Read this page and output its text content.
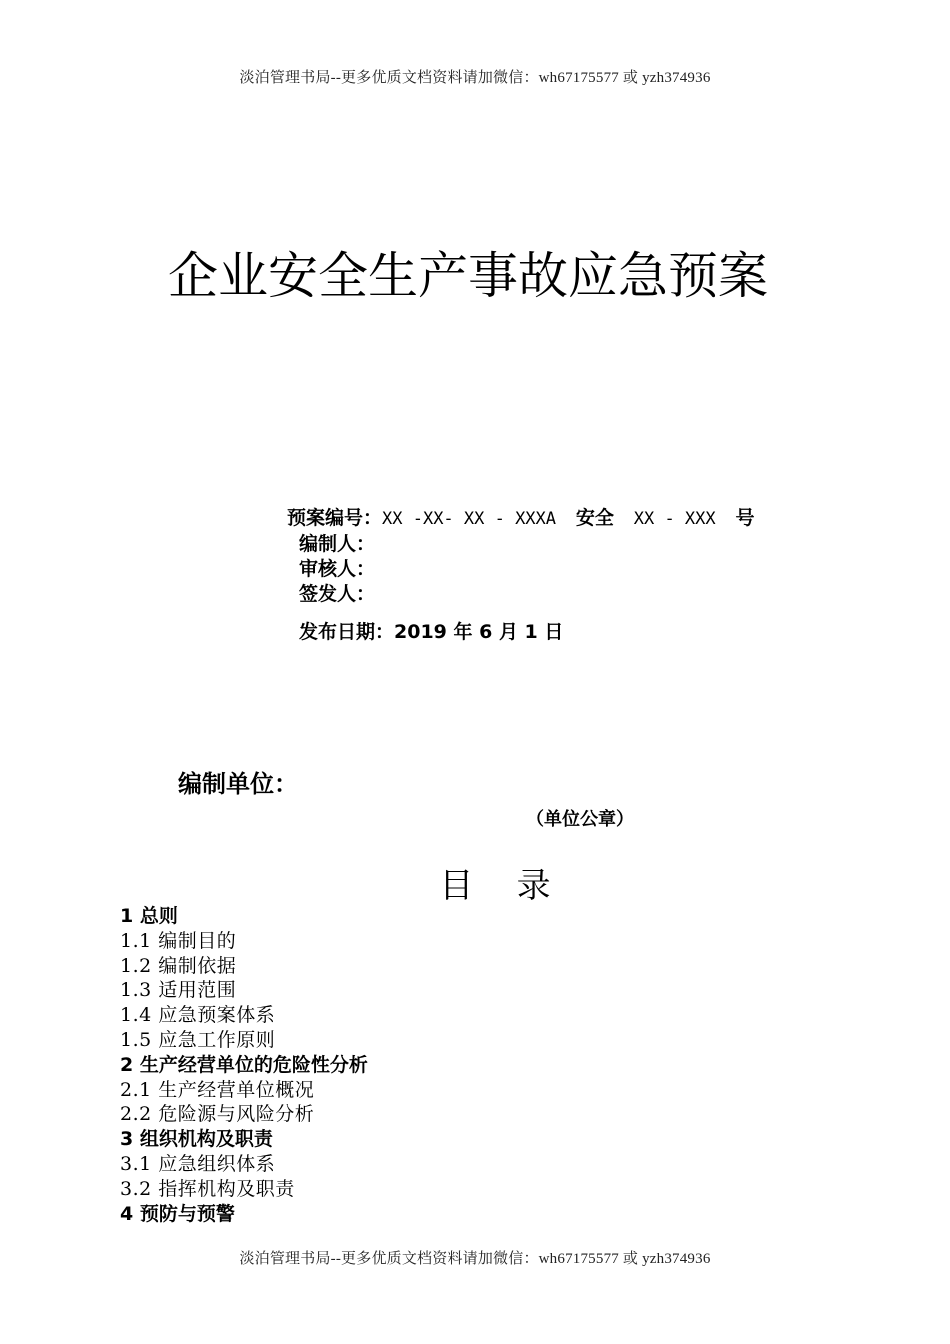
淡泊管理书局--更多优质文档资料请加微信：wh67175577 或 yzh374936
企业安全生产事故应急预案
预案编号：XX -XX- XX - XXXA 安全 XX - XXX 号
编制人：
审核人：
签发人：
发布日期：2019 年 6 月 1 日
编制单位：
（单位公章）
目    录
1 总则
1.1 编制目的
1.2 编制依据
1.3 适用范围
1.4 应急预案体系
1.5 应急工作原则
2 生产经营单位的危险性分析
2.1 生产经营单位概况
2.2 危险源与风险分析
3 组织机构及职责
3.1 应急组织体系
3.2 指挥机构及职责
4 预防与预警
淡泊管理书局--更多优质文档资料请加微信：wh67175577 或 yzh374936
